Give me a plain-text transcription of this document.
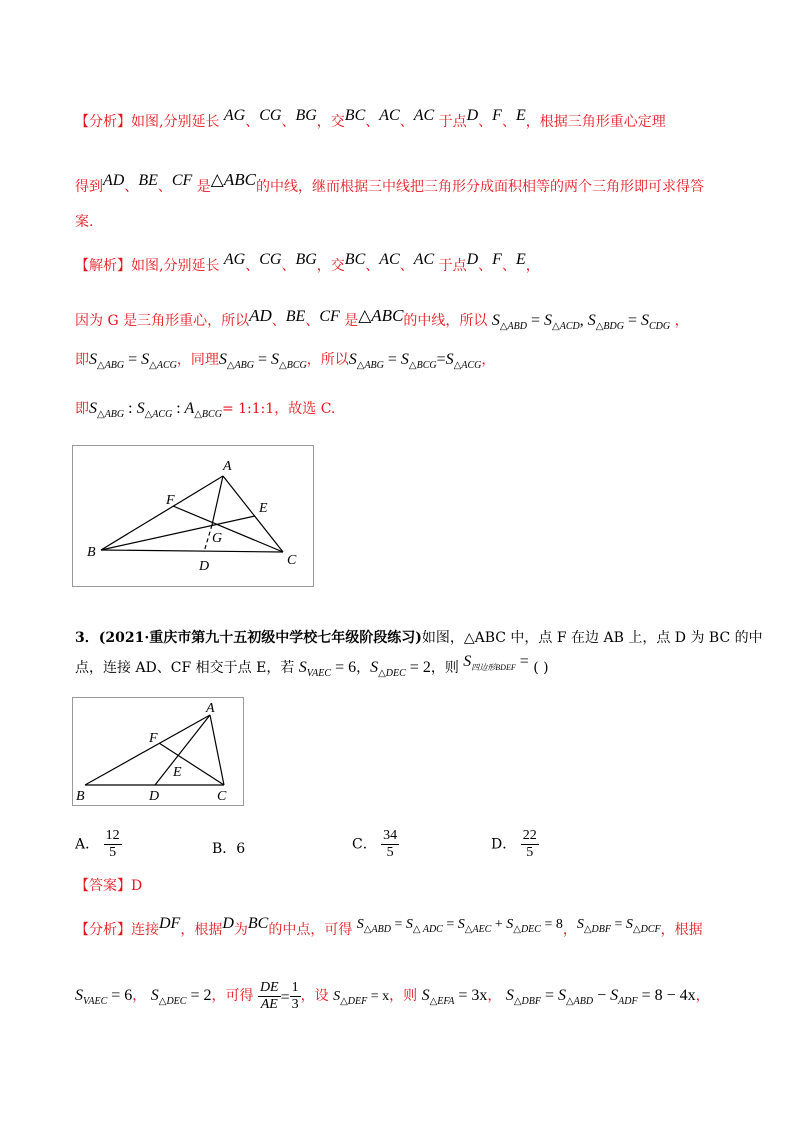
【分析】如图,分别延长 AG、CG、BG，交BC、AC、AC 于点D、F、E，根据三角形重心定理
得到AD、BE、CF 是△ABC的中线，继而根据三中线把三角形分成面积相等的两个三角形即可求得答
案.
【解析】如图,分别延长 AG、CG、BG，交BC、AC、AC 于点D、F、E，
因为 G 是三角形重心，所以AD、BE、CF 是△ABC的中线，所以 $S_{\triangle ABD} = S_{\triangle ACD}$, $S_{\triangle BDG} = S_{CDG}$ ，
即$S_{\triangle ABG} = S_{\triangle ACG}$，同理$S_{\triangle ABG} = S_{\triangle BCG}$，所以$S_{\triangle ABG} = S_{\triangle BCG}=S_{\triangle ACG}$，
即$S_{\triangle ABG}$ : $S_{\triangle ACG}$ : $A_{\triangle BCG}=$ 1:1:1，故选 C.
A
F
E
G
B
D	C
3．(2021·重庆市第九十五初级中学校七年级阶段练习)如图，△ABC 中，点 F 在边 AB 上，点 D 为 BC 的中
点，连接 AD、CF 相交于点 E，若 $S_{VAEC} = 6$，$S_{\triangle DEC} = 2$，则 $S_{四边形BDEF}$ = ( )
A
F
E
B	D	C
A． $\frac{12}{5}$	B．6	C． $\frac{34}{5}$	D． $\frac{22}{5}$
【答案】D
【分析】连接DF，根据D为BC的中点，可得 $S_{\triangle ABD} = S_{\triangle ADC} = S_{\triangle AEC} + S_{\triangle DEC} = 8$，$S_{\triangle DBF} = S_{\triangle DCF}$，根据
$S_{VAEC} = 6$， $S_{\triangle DEC} = 2$，可得 $\frac{DE}{AE} = \frac{1}{3}$ ，设 $S_{\triangle DEF} = x$，则 $S_{\triangle EFA} = 3x$， $S_{\triangle DBF} = S_{\triangle ABD} - S_{ADF} = 8 - 4x$，
